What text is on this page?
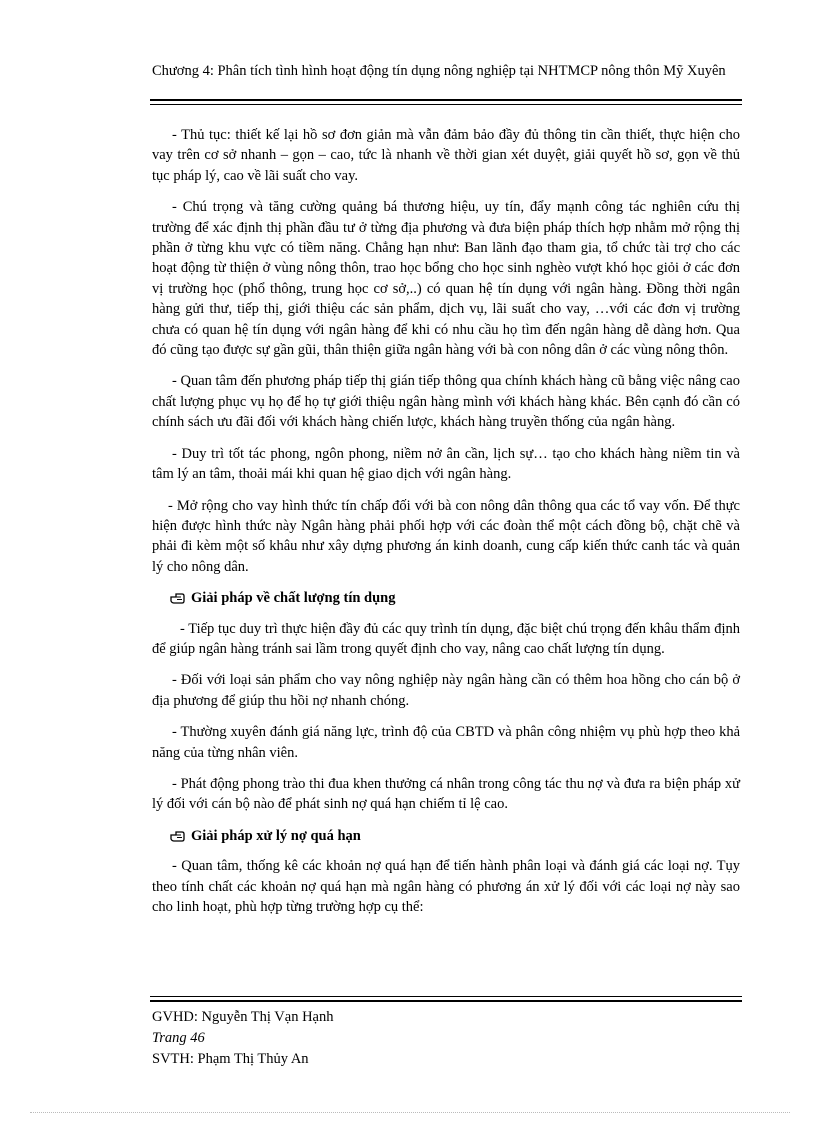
Chương 4: Phân tích tình hình hoạt động tín dụng nông nghiệp tại NHTMCP nông thôn Mỹ Xuyên

- Thủ tục: thiết kế lại hồ sơ đơn giản mà vẫn đảm bảo đầy đủ thông tin cần thiết, thực hiện cho vay trên cơ sở nhanh – gọn – cao, tức là nhanh về thời gian xét duyệt, giải quyết hồ sơ, gọn về thủ tục pháp lý, cao về lãi suất cho vay.

- Chú trọng và tăng cường quảng bá thương hiệu, uy tín, đẩy mạnh công tác nghiên cứu thị trường để xác định thị phần đầu tư ở từng địa phương và đưa biện pháp thích hợp nhằm mở rộng thị phần ở từng khu vực có tiềm năng. Chẳng hạn như: Ban lãnh đạo tham gia, tổ chức tài trợ cho các hoạt động từ thiện ở vùng nông thôn, trao học bổng cho học sinh nghèo vượt khó học giỏi ở các đơn vị trường học (phổ thông, trung học cơ sở,..) có quan hệ tín dụng với ngân hàng. Đồng thời ngân hàng gửi thư, tiếp thị, giới thiệu các sản phẩm, dịch vụ, lãi suất cho vay, …với các đơn vị trường chưa có quan hệ tín dụng với ngân hàng để khi có nhu cầu họ tìm đến ngân hàng dễ dàng hơn. Qua đó cũng tạo được sự gần gũi, thân thiện giữa ngân hàng với bà con nông dân ở các vùng nông thôn.

- Quan tâm đến phương pháp tiếp thị gián tiếp thông qua chính khách hàng cũ bằng việc nâng cao chất lượng phục vụ họ để họ tự giới thiệu ngân hàng mình với khách hàng khác. Bên cạnh đó cần có chính sách ưu đãi đối với khách hàng chiến lược, khách hàng truyền thống của ngân hàng.

- Duy trì tốt tác phong, ngôn phong, niềm nở ân cần, lịch sự… tạo cho khách hàng niềm tin và tâm lý an tâm, thoải mái khi quan hệ giao dịch với ngân hàng.

- Mở rộng cho vay hình thức tín chấp đối với bà con nông dân thông qua các tổ vay vốn. Để thực hiện được hình thức này Ngân hàng phải phối hợp với các đoàn thể một cách đồng bộ, chặt chẽ và phải đi kèm một số khâu như xây dựng phương án kinh doanh, cung cấp kiến thức canh tác và quản lý cho nông dân.

Giải pháp về chất lượng tín dụng

- Tiếp tục duy trì thực hiện đầy đủ các quy trình tín dụng, đặc biệt chú trọng đến khâu thẩm định để giúp ngân hàng tránh sai lầm trong quyết định cho vay, nâng cao chất lượng tín dụng.

- Đối với loại sản phẩm cho vay nông nghiệp này ngân hàng cần có thêm hoa hồng cho cán bộ ở địa phương để giúp thu hồi nợ nhanh chóng.

- Thường xuyên đánh giá năng lực, trình độ của CBTD và phân công nhiệm vụ phù hợp theo khả năng của từng nhân viên.

- Phát động phong trào thi đua khen thưởng cá nhân trong công tác thu nợ và đưa ra biện pháp xử lý đối với cán bộ nào để phát sinh nợ quá hạn chiếm tỉ lệ cao.

Giải pháp xử lý nợ quá hạn

- Quan tâm, thống kê các khoản nợ quá hạn để tiến hành phân loại và đánh giá các loại nợ. Tụy theo tính chất các khoản nợ quá hạn mà ngân hàng có phương án xử lý đối với các loại nợ này sao cho linh hoạt, phù hợp từng trường hợp cụ thể:

GVHD: Nguyễn Thị Vạn Hạnh
Trang 46
SVTH: Phạm Thị Thủy An
